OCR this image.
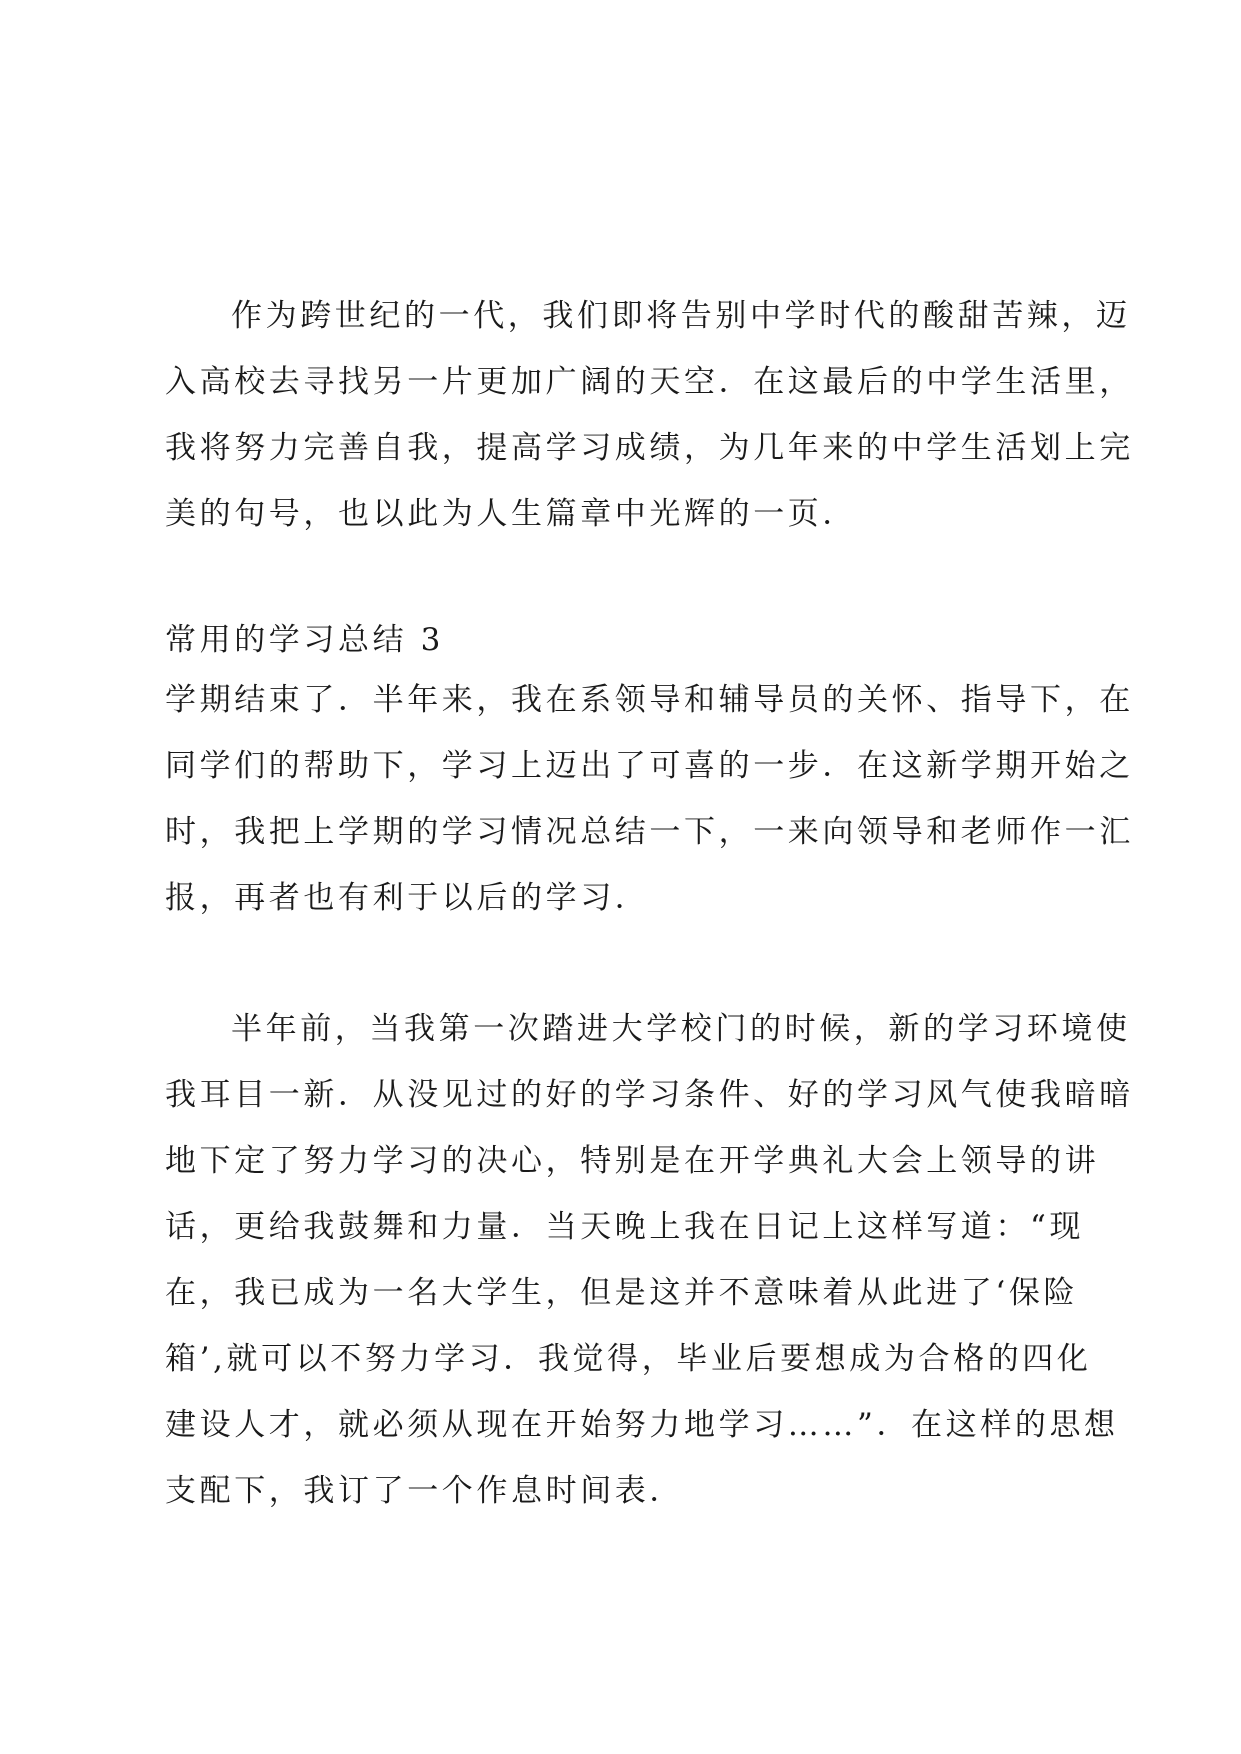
作为跨世纪的一代，我们即将告别中学时代的酸甜苦辣，迈
入高校去寻找另一片更加广阔的天空．在这最后的中学生活里，
我将努力完善自我，提高学习成绩，为几年来的中学生活划上完
美的句号，也以此为人生篇章中光辉的一页．
常用的学习总结 3
学期结束了．半年来，我在系领导和辅导员的关怀、指导下，在
同学们的帮助下，学习上迈出了可喜的一步．在这新学期开始之
时，我把上学期的学习情况总结一下，一来向领导和老师作一汇
报，再者也有利于以后的学习．
半年前，当我第一次踏进大学校门的时候，新的学习环境使
我耳目一新．从没见过的好的学习条件、好的学习风气使我暗暗
地下定了努力学习的决心，特别是在开学典礼大会上领导的讲
话，更给我鼓舞和力量．当天晚上我在日记上这样写道：“现
在，我已成为一名大学生，但是这并不意味着从此进了‘保险
箱’,就可以不努力学习．我觉得，毕业后要想成为合格的四化
建设人才，就必须从现在开始努力地学习……”．在这样的思想
支配下，我订了一个作息时间表．
